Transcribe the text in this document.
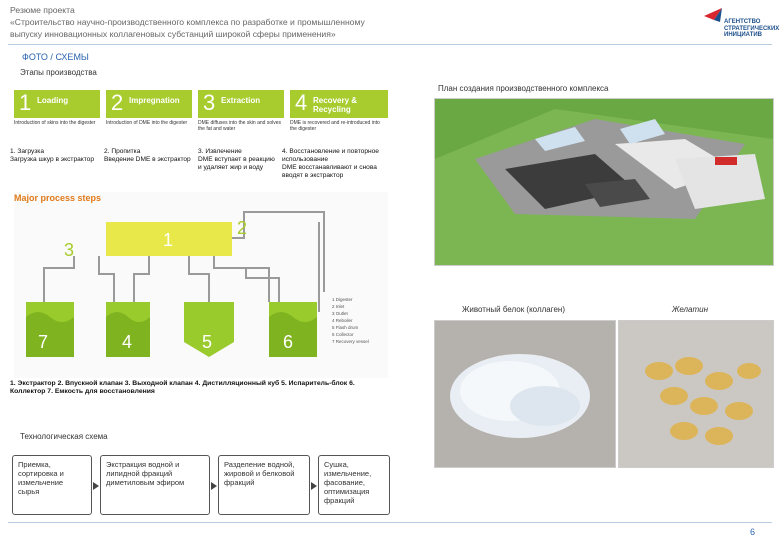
Резюме проекта
«Строительство научно-производственного комплекса по разработке и промышленному
выпуску инновационных коллагеновых субстанций широкой сферы применения»
АГЕНТСТВО
СТРАТЕГИЧЕСКИХ
ИНИЦИАТИВ
ФОТО / СХЕМЫ
Этапы производства
1 Loading 2 Impregnation 3 Extraction 4 Recovery & Recycling
Introduction of skins into the digester	Introduction of DME into the digester	DME diffuses into the skin and solves the fat and water
DME is recovered and re-introduced into the digester
1. Загрузка
Загрузка шкур в экстрактор
2. Пропитка
Введение DME в экстрактор
3. Извлечение
DME вступает в реакцию и удаляет жир и воду
4. Восстановление и повторное использование
DME восстанавливают и снова вводят в экстрактор
Major process steps
1
2
3
7	4	5	6
1 Digester
2 Inlet
3 Outlet
4 Reboiler
5 Flash drum
6 Collector
7 Recovery vessel
1. Экстрактор 2. Впускной клапан 3. Выходной клапан 4. Дистилляционный куб 5. Испаритель-блок 6. Коллектор 7. Емкость для восстановления
План создания производственного комплекса
Животный белок (коллаген)	Желатин
Технологическая схема
Приемка, сортировка и измельчение сырья
Экстракция водной и липидной фракций диметиловым эфиром
Разделение водной, жировой и белковой фракций
Сушка, измельчение, фасование, оптимизация фракций
6
